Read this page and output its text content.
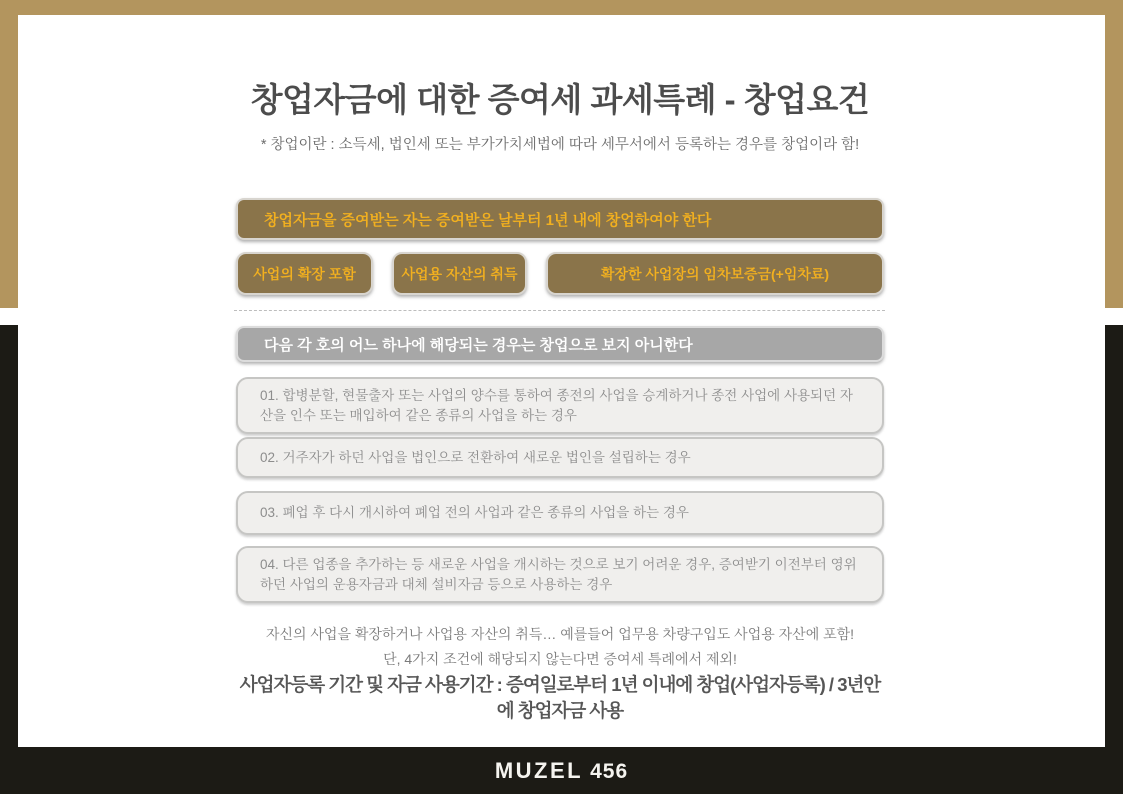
창업자금에 대한 증여세 과세특례 - 창업요건
* 창업이란 : 소득세, 법인세 또는 부가가치세법에 따라 세무서에서 등록하는 경우를 창업이라 함!
창업자금을 증여받는 자는 증여받은 날부터 1년 내에 창업하여야 한다
사업의 확장 포함	사업용 자산의 취득	확장한 사업장의 임차보증금(+임차료)
다음 각 호의 어느 하나에 해당되는 경우는 창업으로 보지 아니한다
01. 합병분할, 현물출자 또는 사업의 양수를 통하여 종전의 사업을 승계하거나 종전 사업에 사용되던 자산을 인수 또는 매입하여 같은 종류의 사업을 하는 경우
02. 거주자가 하던 사업을 법인으로 전환하여 새로운 법인을 설립하는 경우
03. 폐업 후 다시 개시하여 폐업 전의 사업과 같은 종류의 사업을 하는 경우
04. 다른 업종을 추가하는 등 새로운 사업을 개시하는 것으로 보기 어려운 경우, 증여받기 이전부터 영위하던 사업의 운용자금과 대체 설비자금 등으로 사용하는 경우
자신의 사업을 확장하거나 사업용 자산의 취득… 예를들어 업무용 차량구입도 사업용 자산에 포함!
단, 4가지 조건에 해당되지 않는다면 증여세 특례에서 제외!
사업자등록 기간 및 자금 사용기간 : 증여일로부터 1년 이내에 창업(사업자등록) / 3년안에 창업자금 사용
MUZEL 456
